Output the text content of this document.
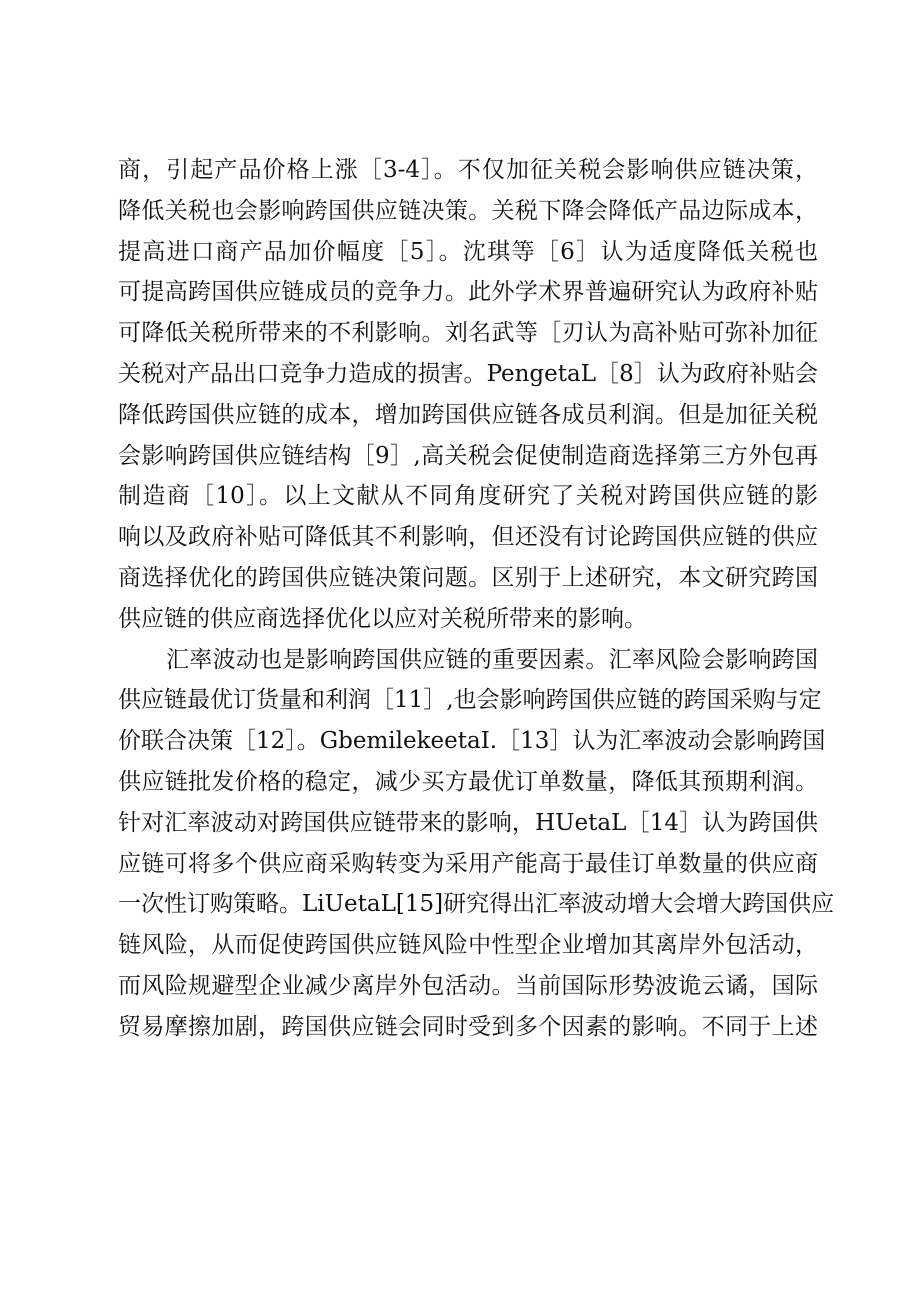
商，引起产品价格上涨［3-4］。不仅加征关税会影响供应链决策，
降低关税也会影响跨国供应链决策。关税下降会降低产品边际成本，
提高进口商产品加价幅度［5］。沈琪等［6］认为适度降低关税也
可提高跨国供应链成员的竞争力。此外学术界普遍研究认为政府补贴
可降低关税所带来的不利影响。刘名武等［刃认为高补贴可弥补加征
关税对产品出口竞争力造成的损害。PengetaL［8］认为政府补贴会
降低跨国供应链的成本，增加跨国供应链各成员利润。但是加征关税
会影响跨国供应链结构［9］,高关税会促使制造商选择第三方外包再
制造商［10］。以上文献从不同角度研究了关税对跨国供应链的影
响以及政府补贴可降低其不利影响，但还没有讨论跨国供应链的供应
商选择优化的跨国供应链决策问题。区别于上述研究，本文研究跨国
供应链的供应商选择优化以应对关税所带来的影响。
汇率波动也是影响跨国供应链的重要因素。汇率风险会影响跨国
供应链最优订货量和利润［11］,也会影响跨国供应链的跨国采购与定
价联合决策［12］。GbemilekeetaI.［13］认为汇率波动会影响跨国
供应链批发价格的稳定，减少买方最优订单数量，降低其预期利润。
针对汇率波动对跨国供应链带来的影响，HUetaL［14］认为跨国供
应链可将多个供应商采购转变为采用产能高于最佳订单数量的供应商
一次性订购策略。LiUetaL[15]研究得出汇率波动增大会增大跨国供应
链风险，从而促使跨国供应链风险中性型企业增加其离岸外包活动，
而风险规避型企业减少离岸外包活动。当前国际形势波诡云谲，国际
贸易摩擦加剧，跨国供应链会同时受到多个因素的影响。不同于上述
